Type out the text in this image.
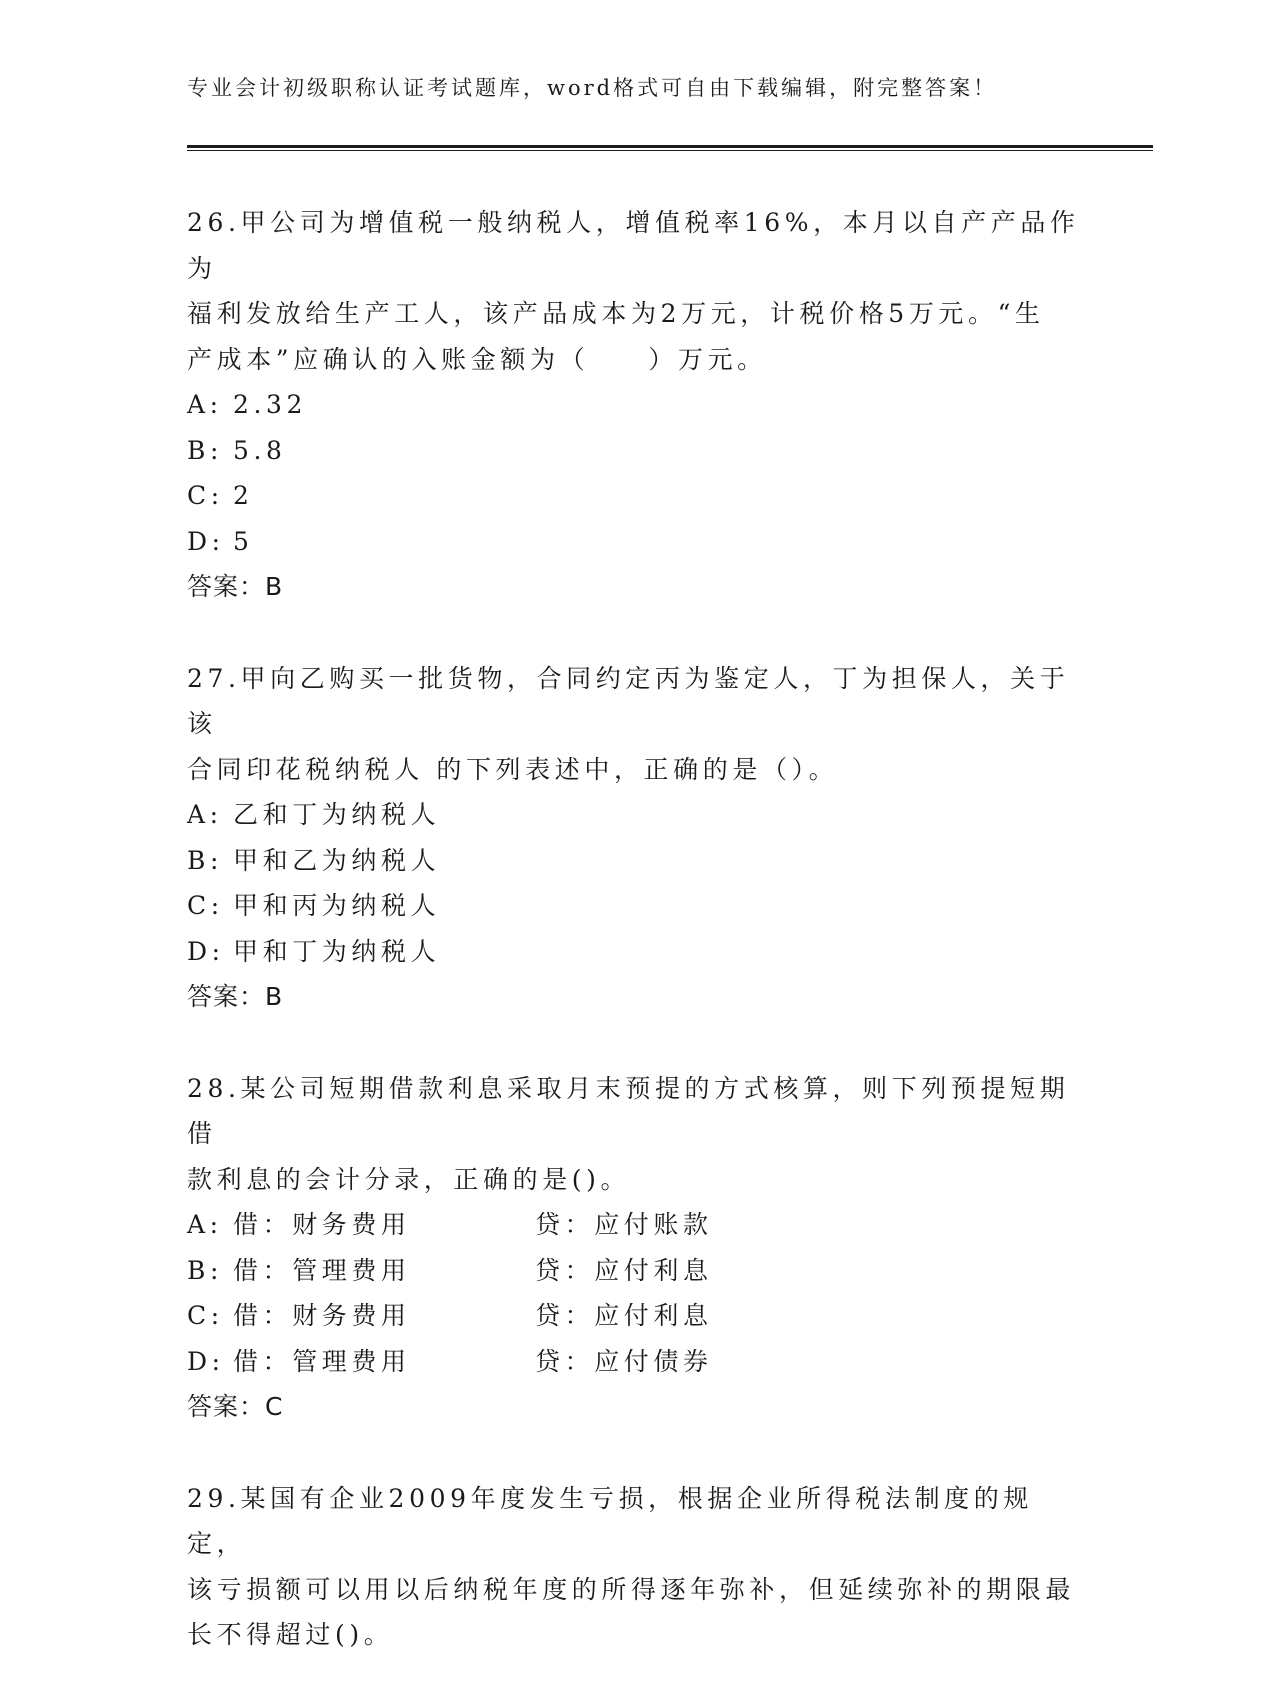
专业会计初级职称认证考试题库，word格式可自由下载编辑，附完整答案！

26.甲公司为增值税一般纳税人，增值税率16%，本月以自产产品作为
福利发放给生产工人，该产品成本为2万元，计税价格5万元。“生
产成本”应确认的入账金额为（　　）万元。

A: 2.32
B: 5.8
C: 2
D: 5
答案：B

27.甲向乙购买一批货物，合同约定丙为鉴定人，丁为担保人，关于该
合同印花税纳税人 的下列表述中，正确的是（）。

A: 乙和丁为纳税人
B: 甲和乙为纳税人
C: 甲和丙为纳税人
D: 甲和丁为纳税人
答案：B

28.某公司短期借款利息采取月末预提的方式核算，则下列预提短期借
款利息的会计分录，正确的是()。

A: 借：财务费用	贷：应付账款
B: 借：管理费用	贷：应付利息
C: 借：财务费用	贷：应付利息
D: 借：管理费用	贷：应付债券
答案：C

29.某国有企业2009年度发生亏损，根据企业所得税法制度的规定，
该亏损额可以用以后纳税年度的所得逐年弥补，但延续弥补的期限最
长不得超过()。
